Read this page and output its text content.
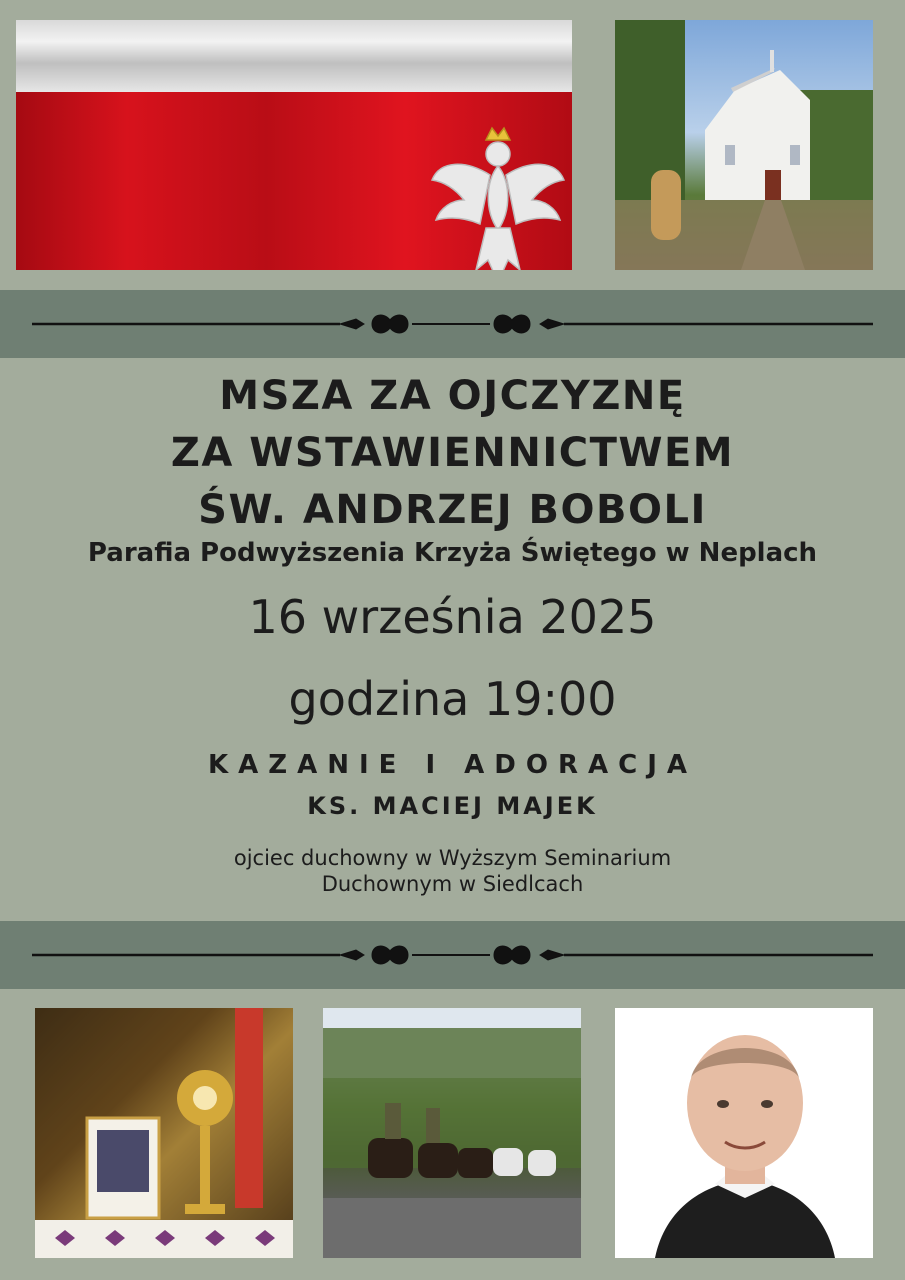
MSZA ZA OJCZYZNĘ
ZA WSTAWIENNICTWEM
ŚW. ANDRZEJ BOBOLI
Parafia Podwyższenia Krzyża Świętego w Neplach
16 września 2025
godzina 19:00
KAZANIE I ADORACJA
KS. MACIEJ MAJEK
ojciec duchowny w Wyższym Seminarium
Duchownym w Siedlcach
